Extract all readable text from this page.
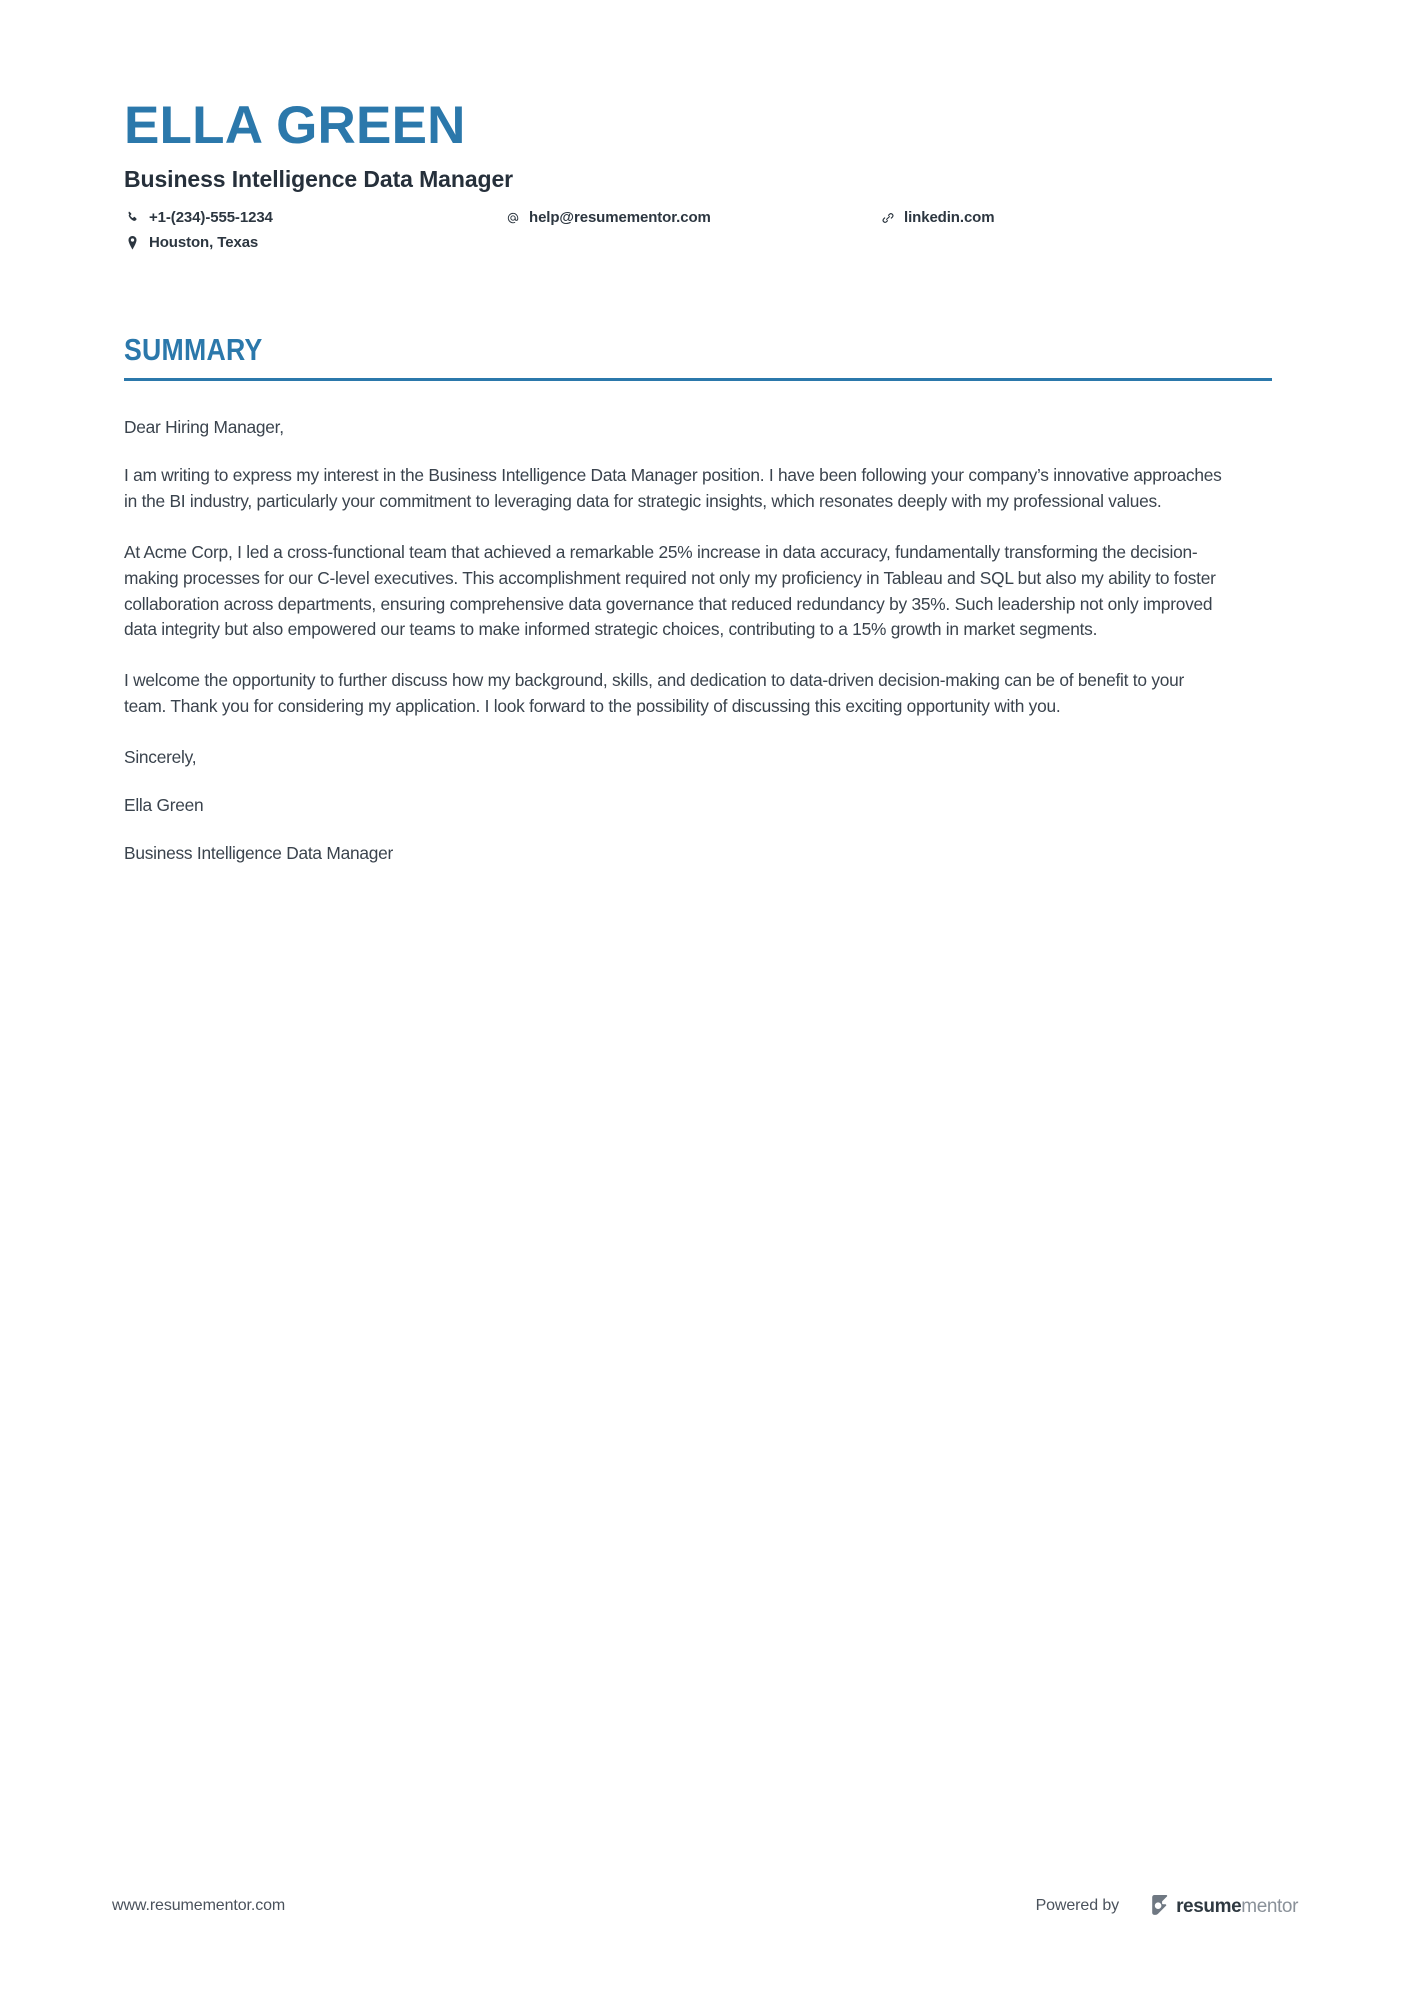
ELLA GREEN
Business Intelligence Data Manager
+1-(234)-555-1234	help@resumementor.com	linkedin.com
Houston, Texas
SUMMARY

Dear Hiring Manager,

I am writing to express my interest in the Business Intelligence Data Manager position. I have been following your company’s innovative approaches in the BI industry, particularly your commitment to leveraging data for strategic insights, which resonates deeply with my professional values.

At Acme Corp, I led a cross-functional team that achieved a remarkable 25% increase in data accuracy, fundamentally transforming the decision-making processes for our C-level executives. This accomplishment required not only my proficiency in Tableau and SQL but also my ability to foster collaboration across departments, ensuring comprehensive data governance that reduced redundancy by 35%. Such leadership not only improved data integrity but also empowered our teams to make informed strategic choices, contributing to a 15% growth in market segments.

I welcome the opportunity to further discuss how my background, skills, and dedication to data-driven decision-making can be of benefit to your team. Thank you for considering my application. I look forward to the possibility of discussing this exciting opportunity with you.

Sincerely,

Ella Green

Business Intelligence Data Manager

www.resumementor.com	Powered by	resumementor
